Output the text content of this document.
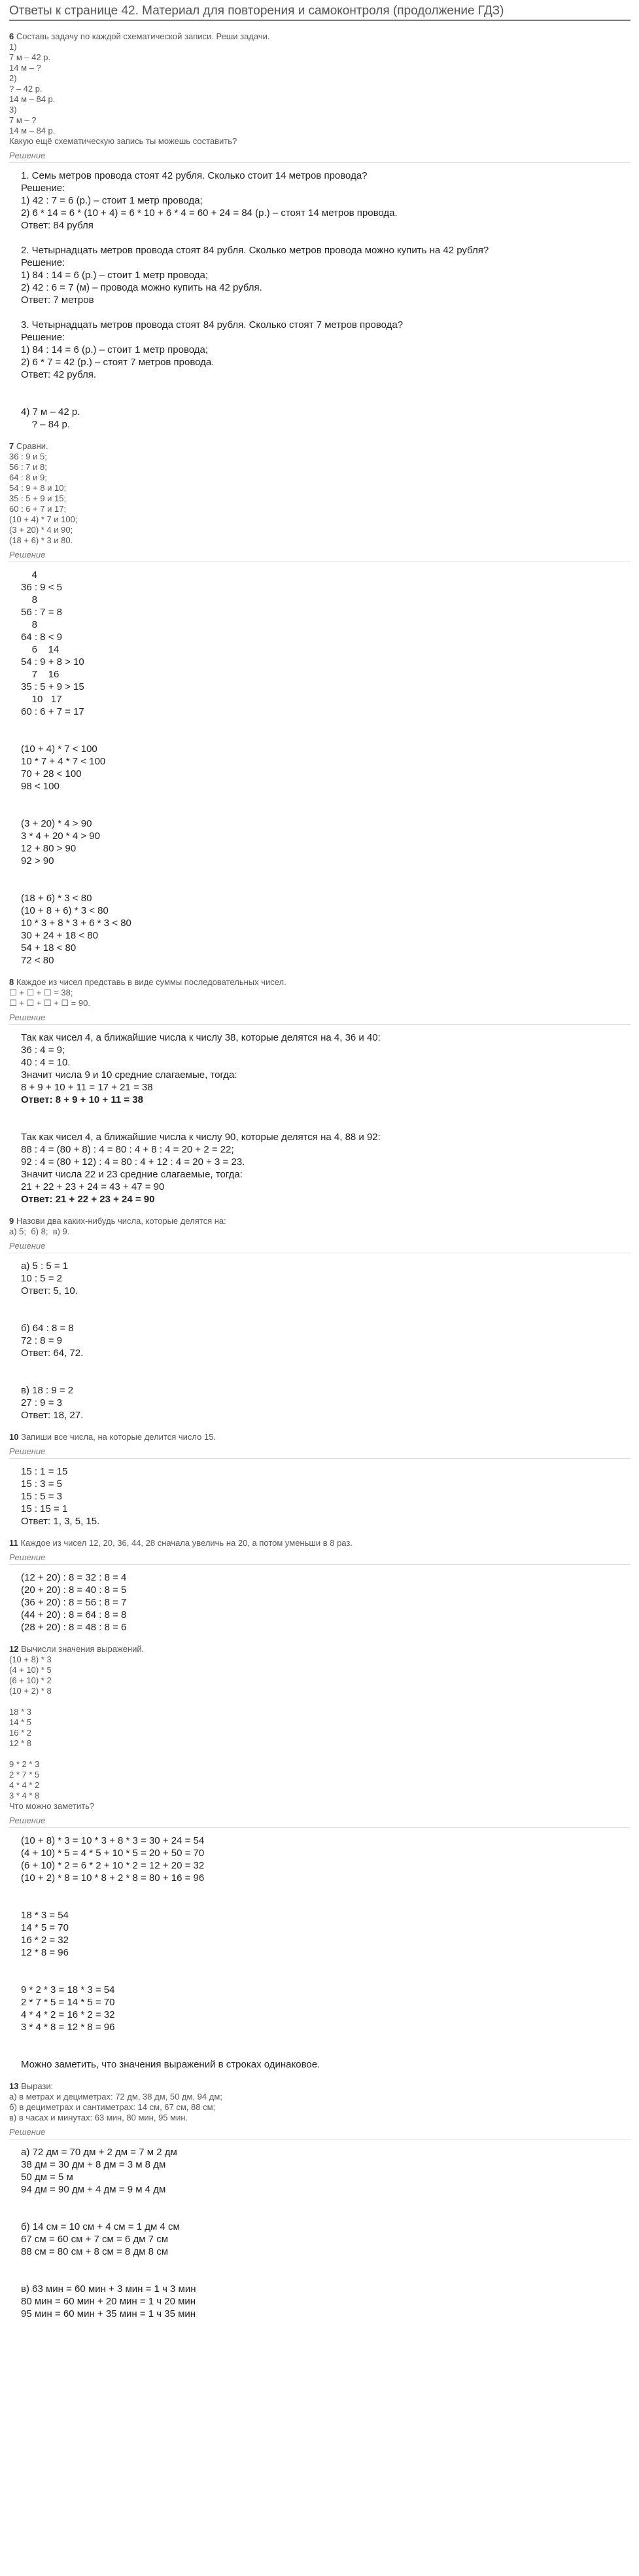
Ответы к странице 42. Материал для повторения и самоконтроля (продолжение ГДЗ)
6 Составь задачу по каждой схематической записи. Реши задачи.
1)
7 м – 42 р.
14 м – ?
2)
? – 42 р.
14 м – 84 р.
3)
7 м – ?
14 м – 84 р.
Какую ещё схематическую запись ты можешь составить?
Решение
1. Семь метров провода стоят 42 рубля. Сколько стоит 14 метров провода?
Решение:
1) 42 : 7 = 6 (р.) – стоит 1 метр провода;
2) 6 * 14 = 6 * (10 + 4) = 6 * 10 + 6 * 4 = 60 + 24 = 84 (р.) – стоят 14 метров провода.
Ответ: 84 рубля

2. Четырнадцать метров провода стоят 84 рубля. Сколько метров провода можно купить на 42 рубля?
Решение:
1) 84 : 14 = 6 (р.) – стоит 1 метр провода;
2) 42 : 6 = 7 (м) – провода можно купить на 42 рубля.
Ответ: 7 метров

3. Четырнадцать метров провода стоят 84 рубля. Сколько стоят 7 метров провода?
Решение:
1) 84 : 14 = 6 (р.) – стоит 1 метр провода;
2) 6 * 7 = 42 (р.) – стоят 7 метров провода.
Ответ: 42 рубля.

4) 7 м – 42 р.
? – 84 р.
7 Сравни.
36 : 9 и 5;
56 : 7 и 8;
64 : 8 и 9;
54 : 9 + 8 и 10;
35 : 5 + 9 и 15;
60 : 6 + 7 и 17;
(10 + 4) * 7 и 100;
(3 + 20) * 4 и 90;
(18 + 6) * 3 и 80.
Решение
4
36 : 9 < 5
8
56 : 7 = 8
8
64 : 8 < 9
6    14
54 : 9 + 8 > 10
7    16
35 : 5 + 9 > 15
10   17
60 : 6 + 7 = 17

(10 + 4) * 7 < 100
10 * 7 + 4 * 7 < 100
70 + 28 < 100
98 < 100

(3 + 20) * 4 > 90
3 * 4 + 20 * 4 > 90
12 + 80 > 90
92 > 90

(18 + 6) * 3 < 80
(10 + 8 + 6) * 3 < 80
10 * 3 + 8 * 3 + 6 * 3 < 80
30 + 24 + 18 < 80
54 + 18 < 80
72 < 80
8 Каждое из чисел представь в виде суммы последовательных чисел.
☐ + ☐ + ☐ = 38;
☐ + ☐ + ☐ + ☐ = 90.
Решение
Так как чисел 4, а ближайшие числа к числу 38, которые делятся на 4, 36 и 40:
36 : 4 = 9;
40 : 4 = 10.
Значит числа 9 и 10 средние слагаемые, тогда:
8 + 9 + 10 + 11 = 17 + 21 = 38
Ответ: 8 + 9 + 10 + 11 = 38

Так как чисел 4, а ближайшие числа к числу 90, которые делятся на 4, 88 и 92:
88 : 4 = (80 + 8) : 4 = 80 : 4 + 8 : 4 = 20 + 2 = 22;
92 : 4 = (80 + 12) : 4 = 80 : 4 + 12 : 4 = 20 + 3 = 23.
Значит числа 22 и 23 средние слагаемые, тогда:
21 + 22 + 23 + 24 = 43 + 47 = 90
Ответ: 21 + 22 + 23 + 24 = 90
9 Назови два каких-нибудь числа, которые делятся на:
а) 5;  б) 8;  в) 9.
Решение
а) 5 : 5 = 1
10 : 5 = 2
Ответ: 5, 10.

б) 64 : 8 = 8
72 : 8 = 9
Ответ: 64, 72.

в) 18 : 9 = 2
27 : 9 = 3
Ответ: 18, 27.
10 Запиши все числа, на которые делится число 15.
Решение
15 : 1 = 15
15 : 3 = 5
15 : 5 = 3
15 : 15 = 1
Ответ: 1, 3, 5, 15.
11 Каждое из чисел 12, 20, 36, 44, 28 сначала увеличь на 20, а потом уменьши в 8 раз.
Решение
(12 + 20) : 8 = 32 : 8 = 4
(20 + 20) : 8 = 40 : 8 = 5
(36 + 20) : 8 = 56 : 8 = 7
(44 + 20) : 8 = 64 : 8 = 8
(28 + 20) : 8 = 48 : 8 = 6
12 Вычисли значения выражений.
(10 + 8) * 3
(4 + 10) * 5
(6 + 10) * 2
(10 + 2) * 8

18 * 3
14 * 5
16 * 2
12 * 8

9 * 2 * 3
2 * 7 * 5
4 * 4 * 2
3 * 4 * 8
Что можно заметить?
Решение
(10 + 8) * 3 = 10 * 3 + 8 * 3 = 30 + 24 = 54
(4 + 10) * 5 = 4 * 5 + 10 * 5 = 20 + 50 = 70
(6 + 10) * 2 = 6 * 2 + 10 * 2 = 12 + 20 = 32
(10 + 2) * 8 = 10 * 8 + 2 * 8 = 80 + 16 = 96

18 * 3 = 54
14 * 5 = 70
16 * 2 = 32
12 * 8 = 96

9 * 2 * 3 = 18 * 3 = 54
2 * 7 * 5 = 14 * 5 = 70
4 * 4 * 2 = 16 * 2 = 32
3 * 4 * 8 = 12 * 8 = 96

Можно заметить, что значения выражений в строках одинаковое.
13 Вырази:
а) в метрах и дециметрах: 72 дм, 38 дм, 50 дм, 94 дм;
б) в дециметрах и сантиметрах: 14 см, 67 см, 88 см;
в) в часах и минутах: 63 мин, 80 мин, 95 мин.
Решение
а) 72 дм = 70 дм + 2 дм = 7 м 2 дм
38 дм = 30 дм + 8 дм = 3 м 8 дм
50 дм = 5 м
94 дм = 90 дм + 4 дм = 9 м 4 дм

б) 14 см = 10 см + 4 см = 1 дм 4 см
67 см = 60 см + 7 см = 6 дм 7 см
88 см = 80 см + 8 см = 8 дм 8 см

в) 63 мин = 60 мин + 3 мин = 1 ч 3 мин
80 мин = 60 мин + 20 мин = 1 ч 20 мин
95 мин = 60 мин + 35 мин = 1 ч 35 мин
